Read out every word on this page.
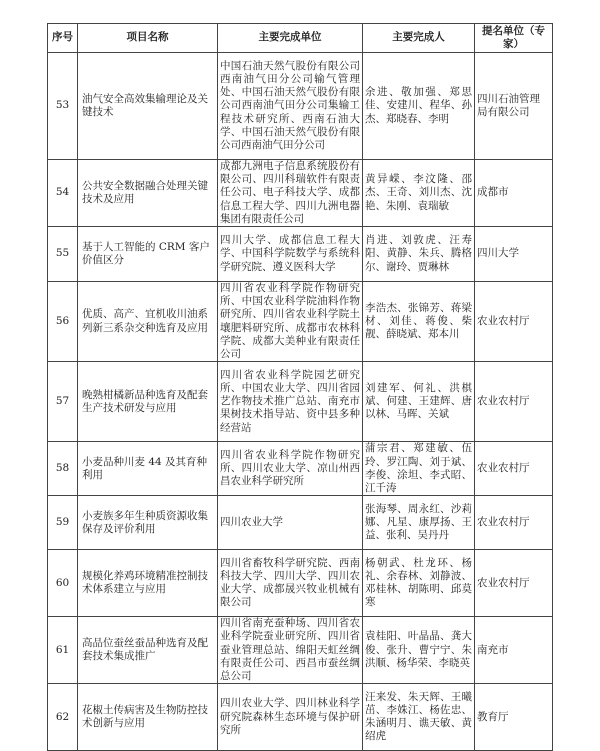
序号	项目名称	主要完成单位	主要完成人	提名单位（专家）
53	油气安全高效集输理论及关键技术	中国石油天然气股份有限公司西南油气田分公司输气管理处、中国石油天然气股份有限公司西南油气田分公司集输工程技术研究所、西南石油大学、中国石油天然气股份有限公司西南油气田分公司	余进、敬加强、郑思佳、安建川、程华、孙杰、郑晓春、李明	四川石油管理局有限公司
54	公共安全数据融合处理关键技术及应用	成都九洲电子信息系统股份有限公司、四川科瑞软件有限责任公司、电子科技大学、成都信息工程大学、四川九洲电器集团有限责任公司	黄异嵘、李汶隆、邵杰、王奇、刘川杰、沈艳、朱刚、袁瑞敏	成都市
55	基于人工智能的 CRM 客户价值区分	四川大学、成都信息工程大学、中国科学院数学与系统科学研究院、遵义医科大学	肖进、刘敦虎、汪寿阳、黄静、朱兵、腾格尔、谢玲、贾琳林	四川大学
56	优质、高产、宜机收川油系列新三系杂交种选育及应用	四川省农业科学院作物研究所、中国农业科学院油料作物研究所、四川省农业科学院土壤肥料研究所、成都市农林科学院、成都大美种业有限责任公司	李浩杰、张锦芳、蒋梁材、刘佳、蒋俊、柴靓、薛晓斌、郑本川	农业农村厅
57	晚熟柑橘新品种选育及配套生产技术研发与应用	四川省农业科学院园艺研究所、中国农业大学、四川省园艺作物技术推广总站、南充市果树技术指导站、资中县多种经营站	刘建军、何礼、洪棋斌、何建、王建辉、唐以林、马晖、关斌	农业农村厅
58	小麦品种川麦 44 及其育种利用	四川省农业科学院作物研究所、四川农业大学、凉山州西昌农业科学研究所	蒲宗君、郑建敏、伍玲、罗江陶、刘于斌、李俊、涂坦、李式昭、江千涛	农业农村厅
59	小麦族多年生种质资源收集保存及评价利用	四川农业大学	张海琴、周永红、沙莉娜、凡星、康厚扬、王益、张利、吴丹丹	农业农村厅
60	规模化养鸡环境精准控制技术体系建立与应用	四川省畜牧科学研究院、西南科技大学、四川大学、四川农业大学、成都晟兴牧业机械有限公司	杨朝武、杜龙环、杨礼、余春林、刘静波、邓桂林、胡陈明、邱莫寒	农业农村厅
61	高品位蚕丝蚕品种选育及配套技术集成推广	四川省南充蚕种场、四川省农业科学院蚕业研究所、四川省蚕业管理总站、绵阳天虹丝绸有限责任公司、西昌市蚕丝绸总公司	袁桂阳、叶晶晶、龚大俊、张升、曹宁宁、朱洪顺、杨华荣、李晓英	南充市
62	花椒土传病害及生物防控技术创新与应用	四川农业大学、四川林业科学研究院森林生态环境与保护研究所	汪来发、朱天辉、王曦茁、李姝江、杨佐忠、朱涵明月、谯天敏、黄绍虎	教育厅
